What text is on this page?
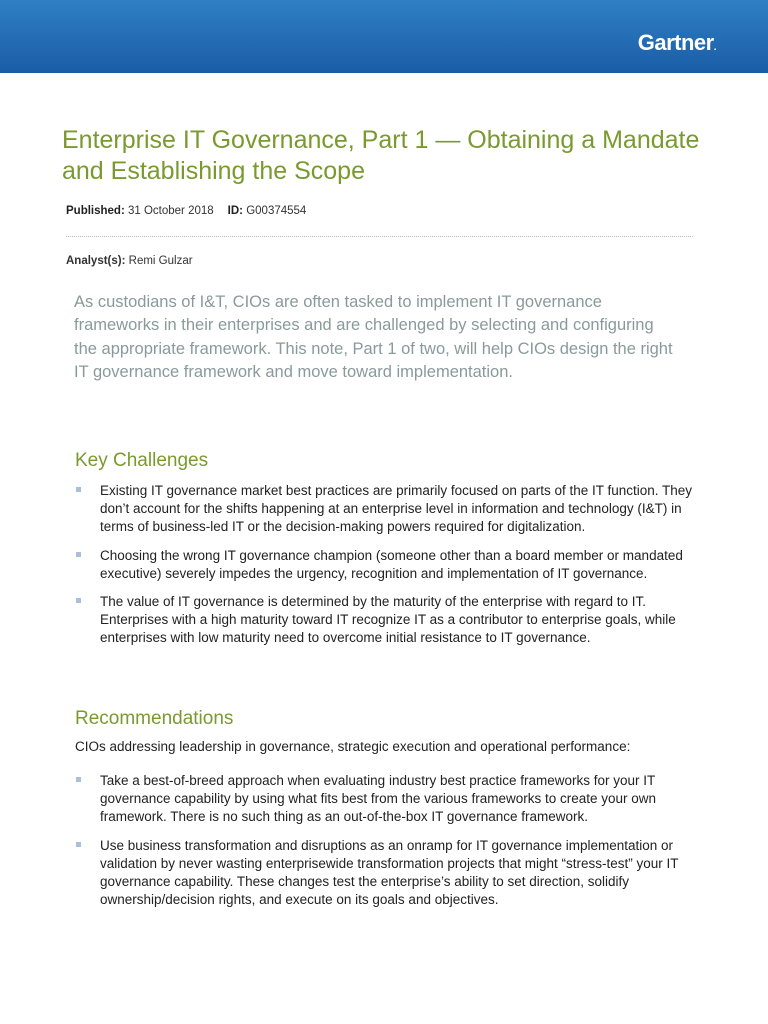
Gartner.
Enterprise IT Governance, Part 1 — Obtaining a Mandate and Establishing the Scope
Published: 31 October 2018 ID: G00374554
Analyst(s): Remi Gulzar

As custodians of I&T, CIOs are often tasked to implement IT governance frameworks in their enterprises and are challenged by selecting and configuring the appropriate framework. This note, Part 1 of two, will help CIOs design the right IT governance framework and move toward implementation.

Key Challenges
Existing IT governance market best practices are primarily focused on parts of the IT function. They don’t account for the shifts happening at an enterprise level in information and technology (I&T) in terms of business-led IT or the decision-making powers required for digitalization.
Choosing the wrong IT governance champion (someone other than a board member or mandated executive) severely impedes the urgency, recognition and implementation of IT governance.
The value of IT governance is determined by the maturity of the enterprise with regard to IT. Enterprises with a high maturity toward IT recognize IT as a contributor to enterprise goals, while enterprises with low maturity need to overcome initial resistance to IT governance.
Recommendations

CIOs addressing leadership in governance, strategic execution and operational performance:

Take a best-of-breed approach when evaluating industry best practice frameworks for your IT governance capability by using what fits best from the various frameworks to create your own framework. There is no such thing as an out-of-the-box IT governance framework.
Use business transformation and disruptions as an onramp for IT governance implementation or validation by never wasting enterprisewide transformation projects that might “stress-test” your IT governance capability. These changes test the enterprise’s ability to set direction, solidify ownership/decision rights, and execute on its goals and objectives.
